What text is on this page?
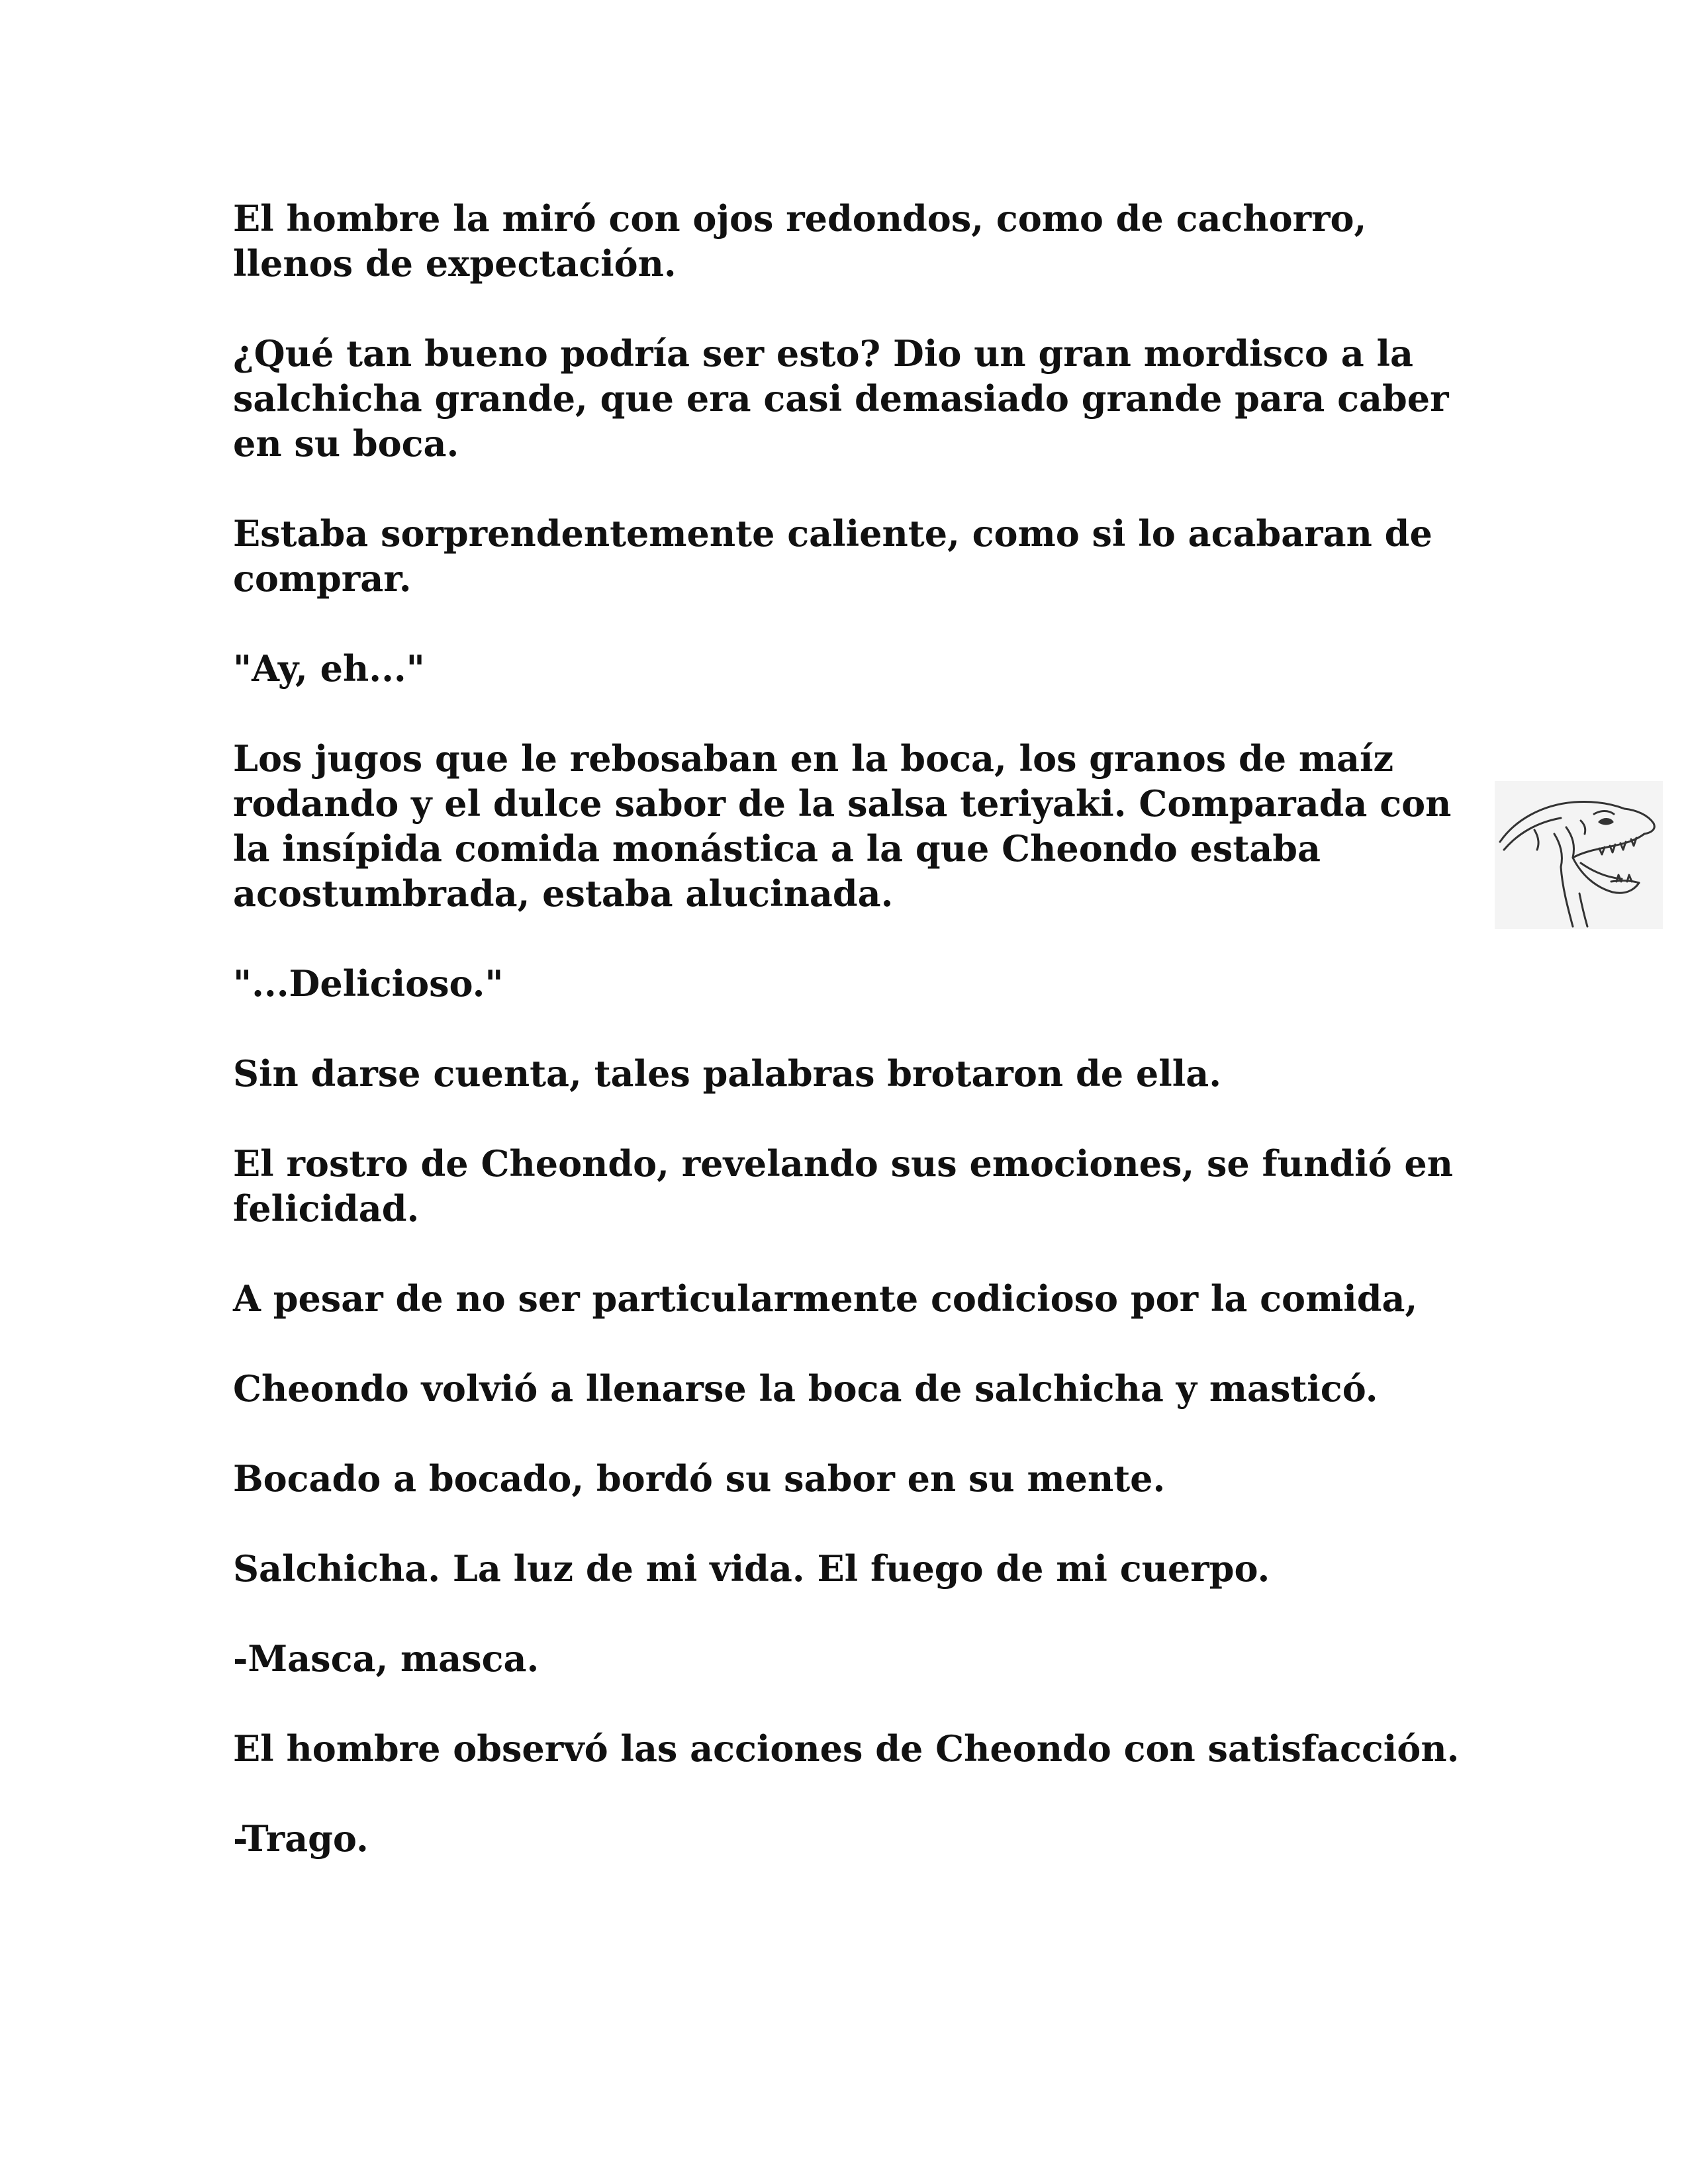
El hombre la miró con ojos redondos, como de cachorro,
llenos de expectación.

¿Qué tan bueno podría ser esto? Dio un gran mordisco a la
salchicha grande, que era casi demasiado grande para caber
en su boca.

Estaba sorprendentemente caliente, como si lo acabaran de
comprar.

"Ay, eh..."

Los jugos que le rebosaban en la boca, los granos de maíz
rodando y el dulce sabor de la salsa teriyaki. Comparada con
la insípida comida monástica a la que Cheondo estaba
acostumbrada, estaba alucinada.

"...Delicioso."

Sin darse cuenta, tales palabras brotaron de ella.

El rostro de Cheondo, revelando sus emociones, se fundió en
felicidad.

A pesar de no ser particularmente codicioso por la comida,

Cheondo volvió a llenarse la boca de salchicha y masticó.

Bocado a bocado, bordó su sabor en su mente.

Salchicha. La luz de mi vida. El fuego de mi cuerpo.

-Masca, masca.

El hombre observó las acciones de Cheondo con satisfacción.

-Trago.
